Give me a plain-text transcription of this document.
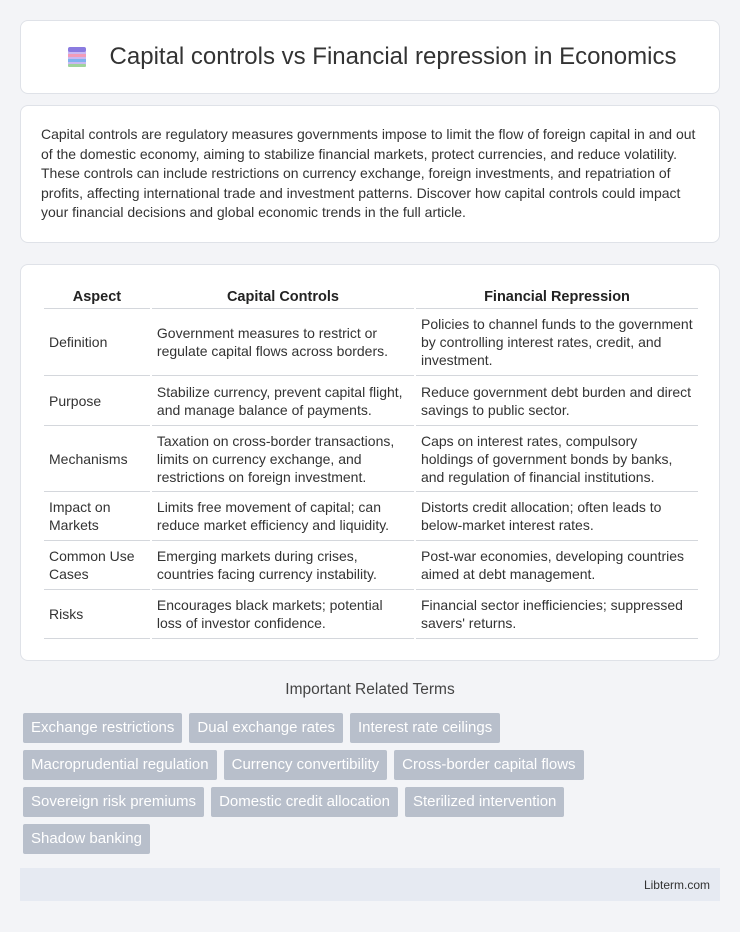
Capital controls vs Financial repression in Economics

Capital controls are regulatory measures governments impose to limit the flow of foreign capital in and out of the domestic economy, aiming to stabilize financial markets, protect currencies, and reduce volatility. These controls can include restrictions on currency exchange, foreign investments, and repatriation of profits, affecting international trade and investment patterns. Discover how capital controls could impact your financial decisions and global economic trends in the full article.

Aspect	Capital Controls	Financial Repression
Definition	Government measures to restrict or regulate capital flows across borders.	Policies to channel funds to the government by controlling interest rates, credit, and investment.
Purpose	Stabilize currency, prevent capital flight, and manage balance of payments.	Reduce government debt burden and direct savings to public sector.
Mechanisms	Taxation on cross-border transactions, limits on currency exchange, and restrictions on foreign investment.	Caps on interest rates, compulsory holdings of government bonds by banks, and regulation of financial institutions.
Impact on Markets	Limits free movement of capital; can reduce market efficiency and liquidity.	Distorts credit allocation; often leads to below-market interest rates.
Common Use Cases	Emerging markets during crises, countries facing currency instability.	Post-war economies, developing countries aimed at debt management.
Risks	Encourages black markets; potential loss of investor confidence.	Financial sector inefficiencies; suppressed savers' returns.
Important Related Terms
Exchange restrictions	Dual exchange rates	Interest rate ceilings
Macroprudential regulation	Currency convertibility	Cross-border capital flows
Sovereign risk premiums	Domestic credit allocation	Sterilized intervention
Shadow banking
Libterm.com
